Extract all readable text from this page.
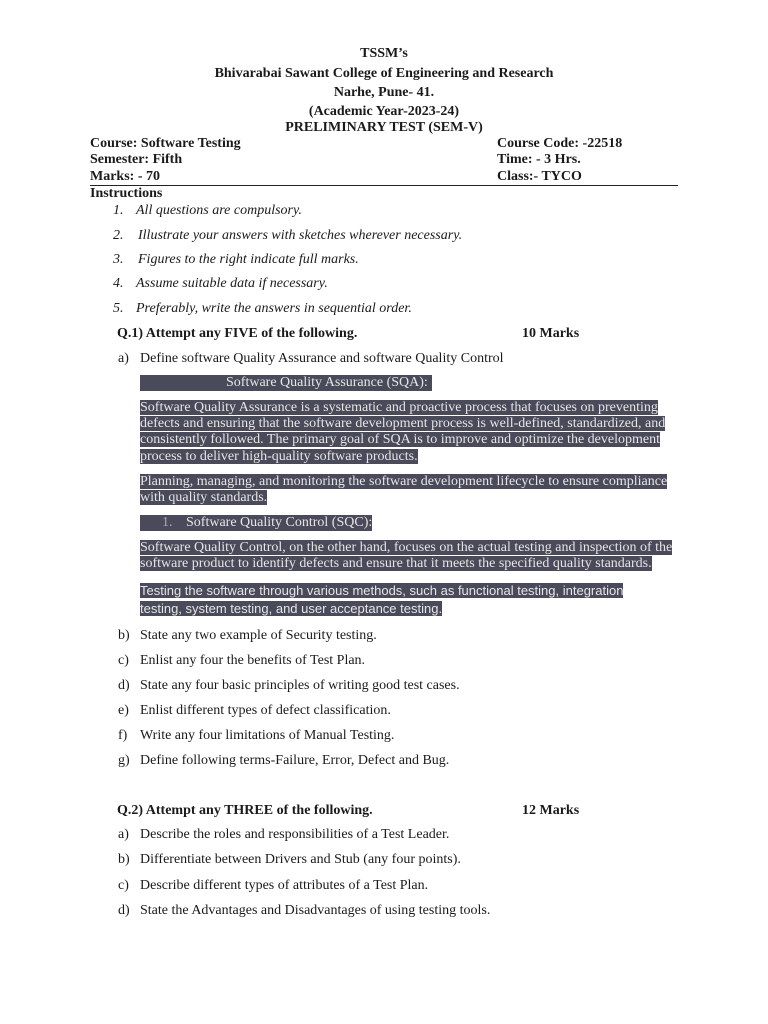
TSSM’s
Bhivarabai Sawant College of Engineering and Research
Narhe, Pune- 41.
(Academic Year-2023-24)
PRELIMINARY TEST (SEM-V)
Course: Software Testing	Course Code: -22518
Semester: Fifth	Time: - 3 Hrs.
Marks: - 70	Class:- TYCO
Instructions
1. All questions are compulsory.
2. Illustrate your answers with sketches wherever necessary.
3. Figures to the right indicate full marks.
4. Assume suitable data if necessary.
5. Preferably, write the answers in sequential order.
Q.1) Attempt any FIVE of the following.	10 Marks
a) Define software Quality Assurance and software Quality Control
Software Quality Assurance (SQA):
Software Quality Assurance is a systematic and proactive process that focuses on preventing
defects and ensuring that the software development process is well-defined, standardized, and
consistently followed. The primary goal of SQA is to improve and optimize the development
process to deliver high-quality software products.
Planning, managing, and monitoring the software development lifecycle to ensure compliance
with quality standards.
1. Software Quality Control (SQC):
Software Quality Control, on the other hand, focuses on the actual testing and inspection of the
software product to identify defects and ensure that it meets the specified quality standards.
Testing the software through various methods, such as functional testing, integration
testing, system testing, and user acceptance testing.
b) State any two example of Security testing.
c) Enlist any four the benefits of Test Plan.
d) State any four basic principles of writing good test cases.
e) Enlist different types of defect classification.
f) Write any four limitations of Manual Testing.
g) Define following terms-Failure, Error, Defect and Bug.
Q.2) Attempt any THREE of the following.	12 Marks
a) Describe the roles and responsibilities of a Test Leader.
b) Differentiate between Drivers and Stub (any four points).
c) Describe different types of attributes of a Test Plan.
d) State the Advantages and Disadvantages of using testing tools.
